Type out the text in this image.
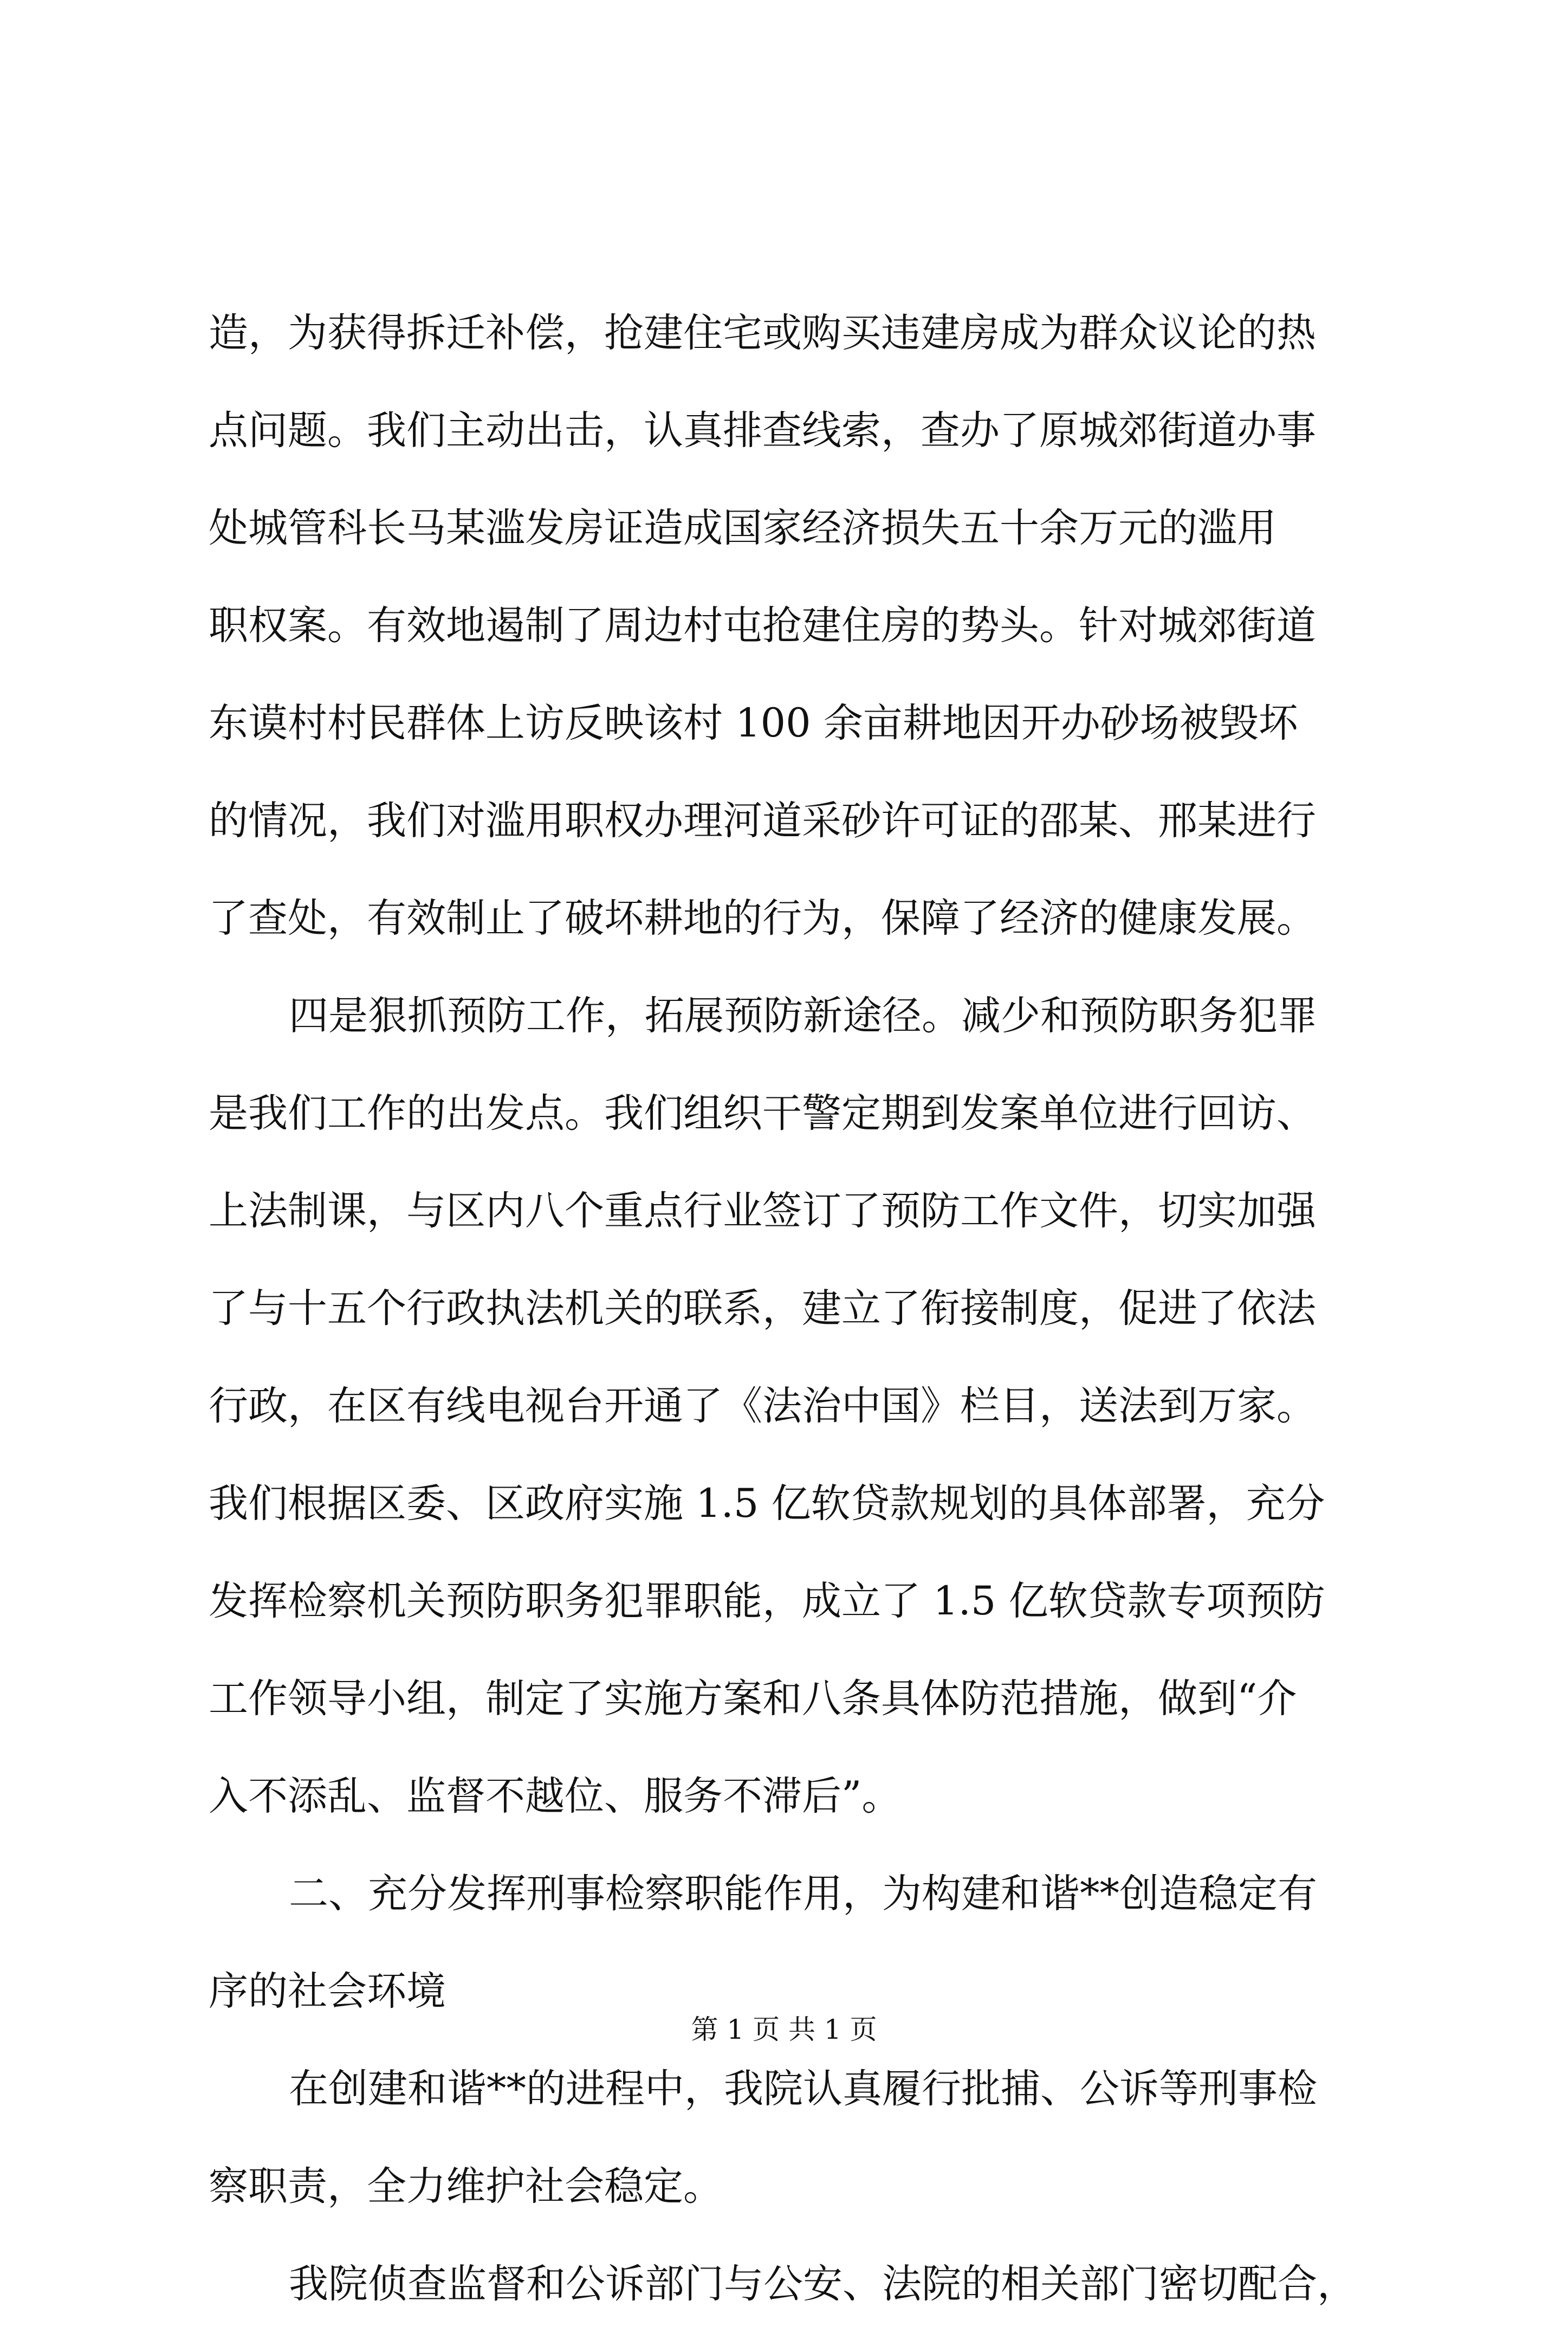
造，为获得拆迁补偿，抢建住宅或购买违建房成为群众议论的热
点问题。我们主动出击，认真排查线索，查办了原城郊街道办事
处城管科长马某滥发房证造成国家经济损失五十余万元的滥用
职权案。有效地遏制了周边村屯抢建住房的势头。针对城郊街道
东谟村村民群体上访反映该村 100 余亩耕地因开办砂场被毁坏
的情况，我们对滥用职权办理河道采砂许可证的邵某、邢某进行
了查处，有效制止了破坏耕地的行为，保障了经济的健康发展。
四是狠抓预防工作，拓展预防新途径。减少和预防职务犯罪
是我们工作的出发点。我们组织干警定期到发案单位进行回访、
上法制课，与区内八个重点行业签订了预防工作文件，切实加强
了与十五个行政执法机关的联系，建立了衔接制度，促进了依法
行政，在区有线电视台开通了《法治中国》栏目，送法到万家。
我们根据区委、区政府实施 1.5 亿软贷款规划的具体部署，充分
发挥检察机关预防职务犯罪职能，成立了 1.5 亿软贷款专项预防
工作领导小组，制定了实施方案和八条具体防范措施，做到“介
入不添乱、监督不越位、服务不滞后”。
二、充分发挥刑事检察职能作用，为构建和谐**创造稳定有
序的社会环境
在创建和谐**的进程中，我院认真履行批捕、公诉等刑事检
察职责，全力维护社会稳定。
我院侦查监督和公诉部门与公安、法院的相关部门密切配合，
第 1 页 共 1 页
